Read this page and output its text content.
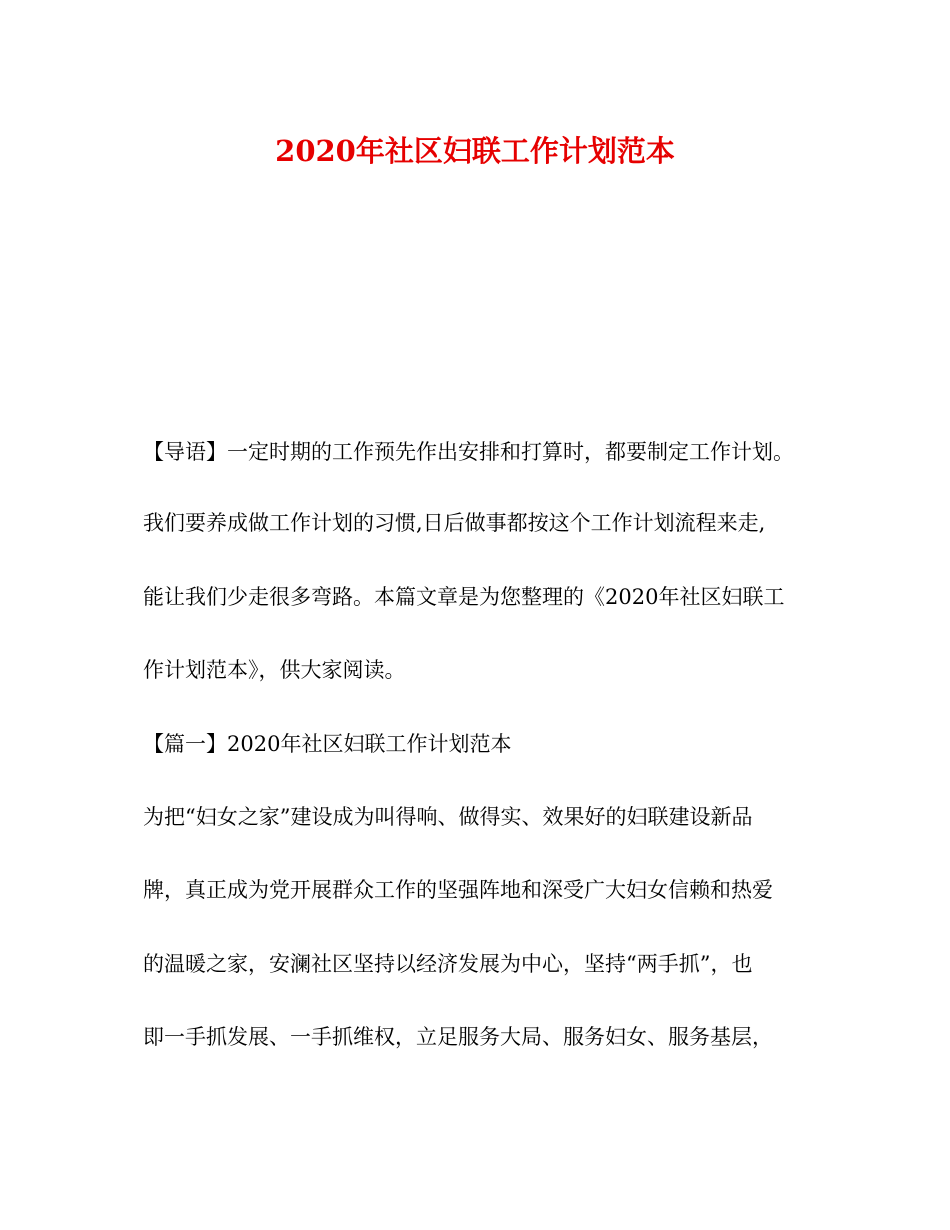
2020年社区妇联工作计划范本

【导语】一定时期的工作预先作出安排和打算时，都要制定工作计划。

我们要养成做工作计划的习惯,日后做事都按这个工作计划流程来走,

能让我们少走很多弯路。本篇文章是为您整理的《2020年社区妇联工

作计划范本》，供大家阅读。

【篇一】2020年社区妇联工作计划范本

为把“妇女之家”建设成为叫得响、做得实、效果好的妇联建设新品

牌，真正成为党开展群众工作的坚强阵地和深受广大妇女信赖和热爱

的温暖之家，安澜社区坚持以经济发展为中心，坚持“两手抓”，也

即一手抓发展、一手抓维权，立足服务大局、服务妇女、服务基层，
